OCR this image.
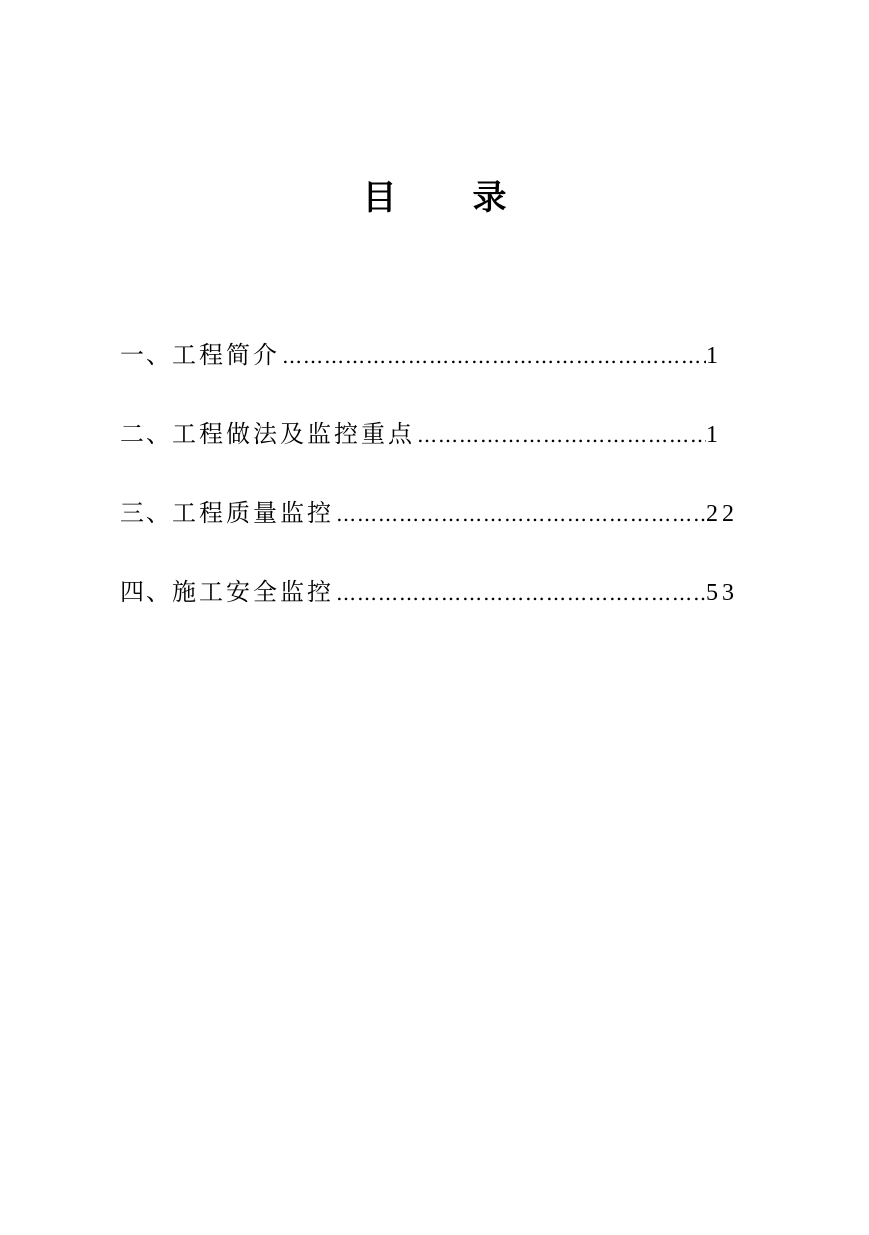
目 录
一、 工程简介 …………………………………………………………………………………………………………………………	1
二、 工程做法及监控重点 …………………………………………………………………………………………………………………………	1
三、 工程质量监控 …………………………………………………………………………………………………………………………	22
四、 施工安全监控 …………………………………………………………………………………………………………………………	53
